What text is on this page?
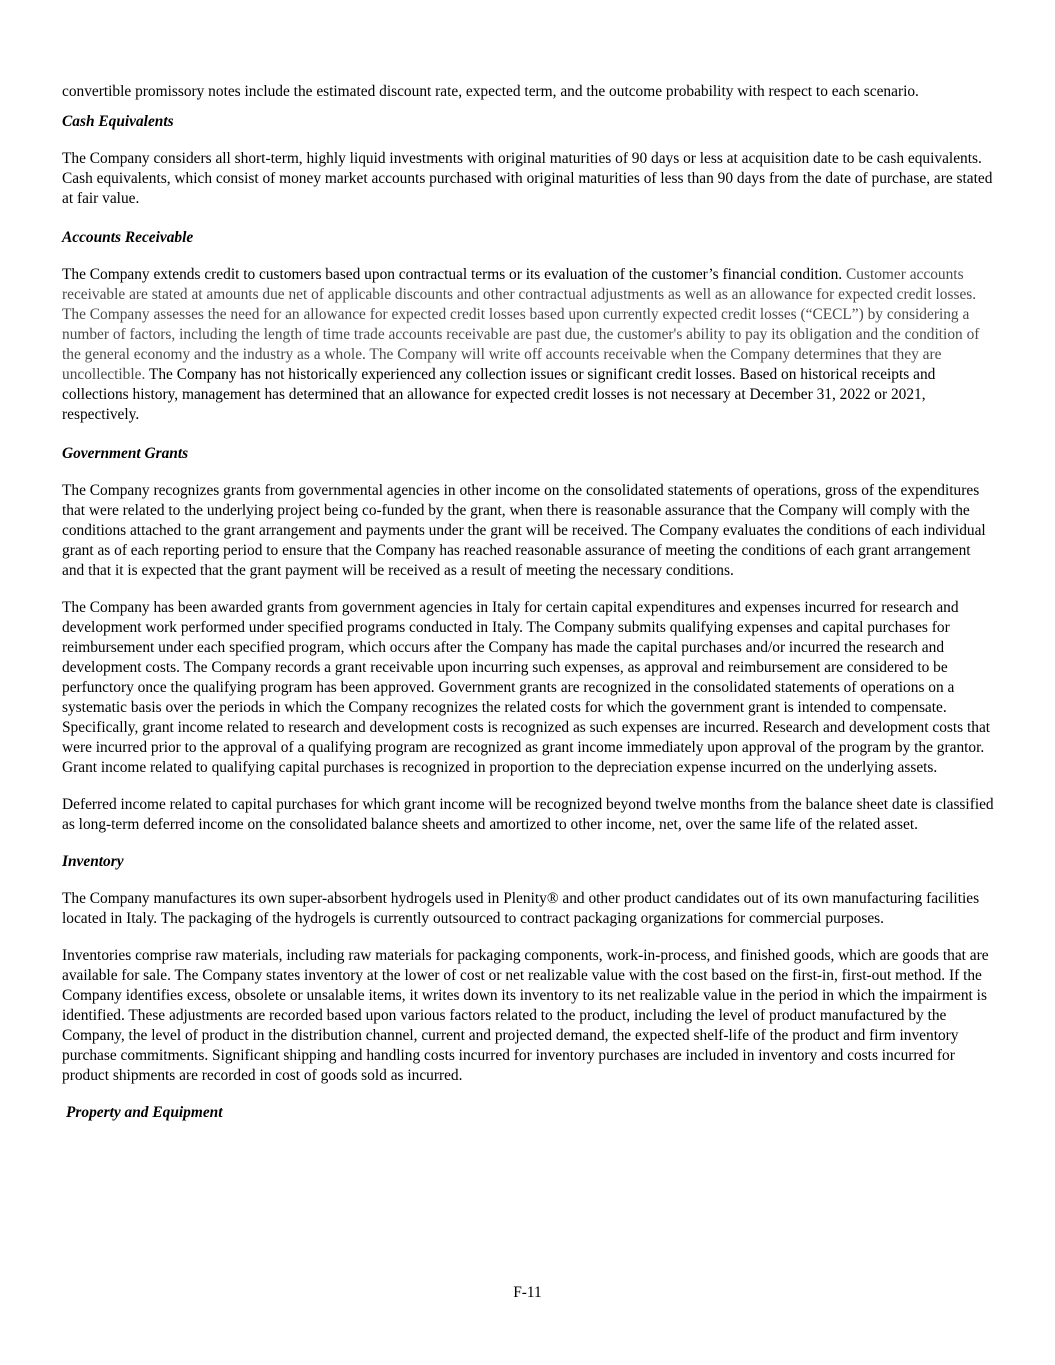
convertible promissory notes include the estimated discount rate, expected term, and the outcome probability with respect to each scenario.

Cash Equivalents

The Company considers all short-term, highly liquid investments with original maturities of 90 days or less at acquisition date to be cash equivalents. Cash equivalents, which consist of money market accounts purchased with original maturities of less than 90 days from the date of purchase, are stated at fair value.

Accounts Receivable

The Company extends credit to customers based upon contractual terms or its evaluation of the customer’s financial condition. Customer accounts receivable are stated at amounts due net of applicable discounts and other contractual adjustments as well as an allowance for expected credit losses. The Company assesses the need for an allowance for expected credit losses based upon currently expected credit losses (“CECL”) by considering a number of factors, including the length of time trade accounts receivable are past due, the customer's ability to pay its obligation and the condition of the general economy and the industry as a whole. The Company will write off accounts receivable when the Company determines that they are uncollectible. The Company has not historically experienced any collection issues or significant credit losses. Based on historical receipts and collections history, management has determined that an allowance for expected credit losses is not necessary at December 31, 2022 or 2021, respectively.

Government Grants

The Company recognizes grants from governmental agencies in other income on the consolidated statements of operations, gross of the expenditures that were related to the underlying project being co-funded by the grant, when there is reasonable assurance that the Company will comply with the conditions attached to the grant arrangement and payments under the grant will be received. The Company evaluates the conditions of each individual grant as of each reporting period to ensure that the Company has reached reasonable assurance of meeting the conditions of each grant arrangement and that it is expected that the grant payment will be received as a result of meeting the necessary conditions.

The Company has been awarded grants from government agencies in Italy for certain capital expenditures and expenses incurred for research and development work performed under specified programs conducted in Italy. The Company submits qualifying expenses and capital purchases for reimbursement under each specified program, which occurs after the Company has made the capital purchases and/or incurred the research and development costs. The Company records a grant receivable upon incurring such expenses, as approval and reimbursement are considered to be perfunctory once the qualifying program has been approved. Government grants are recognized in the consolidated statements of operations on a systematic basis over the periods in which the Company recognizes the related costs for which the government grant is intended to compensate. Specifically, grant income related to research and development costs is recognized as such expenses are incurred. Research and development costs that were incurred prior to the approval of a qualifying program are recognized as grant income immediately upon approval of the program by the grantor. Grant income related to qualifying capital purchases is recognized in proportion to the depreciation expense incurred on the underlying assets.

Deferred income related to capital purchases for which grant income will be recognized beyond twelve months from the balance sheet date is classified as long-term deferred income on the consolidated balance sheets and amortized to other income, net, over the same life of the related asset.

Inventory

The Company manufactures its own super-absorbent hydrogels used in Plenity® and other product candidates out of its own manufacturing facilities located in Italy. The packaging of the hydrogels is currently outsourced to contract packaging organizations for commercial purposes.

Inventories comprise raw materials, including raw materials for packaging components, work-in-process, and finished goods, which are goods that are available for sale. The Company states inventory at the lower of cost or net realizable value with the cost based on the first-in, first-out method. If the Company identifies excess, obsolete or unsalable items, it writes down its inventory to its net realizable value in the period in which the impairment is identified. These adjustments are recorded based upon various factors related to the product, including the level of product manufactured by the Company, the level of product in the distribution channel, current and projected demand, the expected shelf-life of the product and firm inventory purchase commitments. Significant shipping and handling costs incurred for inventory purchases are included in inventory and costs incurred for product shipments are recorded in cost of goods sold as incurred.

Property and Equipment

F-11
